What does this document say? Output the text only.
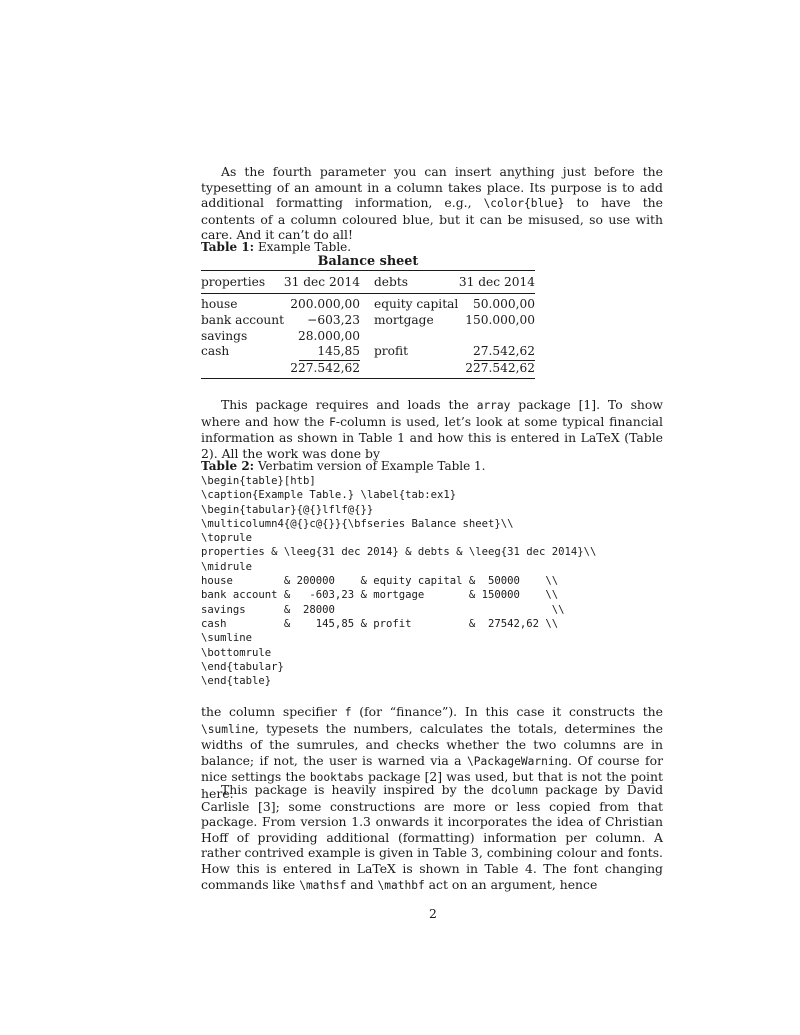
As the fourth parameter you can insert anything just before the typesetting of an amount in a column takes place. Its purpose is to add additional formatting information, e.g., \color{blue} to have the contents of a column coloured blue, but it can be misused, so use with care. And it can’t do all!

Table 1: Example Table.

Balance sheet
properties	31 dec 2014 debts	31 dec 2014
house	200.000,00 equity capital	50.000,00
bank account	−603,23 mortgage	150.000,00
savings	28.000,00
cash	145,85 profit	27.542,62
227.542,62	227.542,62

This package requires and loads the array package [1]. To show where and how the F-column is used, let’s look at some typical financial information as shown in Table 1 and how this is entered in LaTeX (Table 2). All the work was done by

Table 2: Verbatim version of Example Table 1.

\begin{table}[htb]
\caption{Example Table.} \label{tab:ex1}
\begin{tabular}{@{}lflf@{}}
\multicolumn4{@{}c@{}}{\bfseries Balance sheet}\\
\toprule
properties & \leeg{31 dec 2014} & debts & \leeg{31 dec 2014}\\
\midrule
house        & 200000    & equity capital &  50000    \\
bank account &   -603,23 & mortgage       & 150000    \\
savings      &  28000                                  \\
cash         &    145,85 & profit         &  27542,62 \\
\sumline
\bottomrule
\end{tabular}
\end{table}

the column specifier f (for “finance”). In this case it constructs the \sumline, typesets the numbers, calculates the totals, determines the widths of the sumrules, and checks whether the two columns are in balance; if not, the user is warned via a \PackageWarning. Of course for nice settings the booktabs package [2] was used, but that is not the point here.

This package is heavily inspired by the dcolumn package by David Carlisle [3]; some constructions are more or less copied from that package. From version 1.3 onwards it incorporates the idea of Christian Hoff of providing additional (formatting) information per column. A rather contrived example is given in Table 3, combining colour and fonts. How this is entered in LaTeX is shown in Table 4. The font changing commands like \mathsf and \mathbf act on an argument, hence

2
